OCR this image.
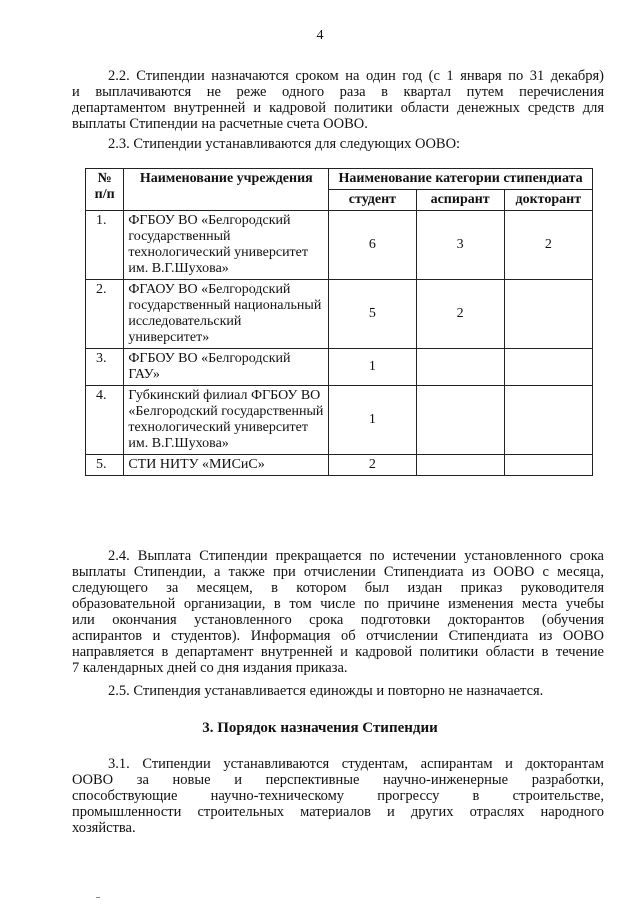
4
2.2. Стипендии назначаются сроком на один год (с 1 января по 31 декабря)
и выплачиваются не реже одного раза в квартал путем перечисления
департаментом внутренней и кадровой политики области денежных средств для
выплаты Стипендии на расчетные счета ООВО.
2.3. Стипендии устанавливаются для следующих ООВО:
№ п/п	Наименование учреждения	Наименование категории стипендиата		
		студент	аспирант	докторант
1.	ФГБОУ ВО «Белгородский государственный технологический университет им. В.Г.Шухова»	6	3	2
2.	ФГАОУ ВО «Белгородский государственный национальный исследовательский университет»	5	2	
3.	ФГБОУ ВО «Белгородский ГАУ»	1		
4.	Губкинский филиал ФГБОУ ВО «Белгородский государственный технологический университет им. В.Г.Шухова»	1		
5.	СТИ НИТУ «МИСиС»	2		
2.4. Выплата Стипендии прекращается по истечении установленного срока
выплаты Стипендии, а также при отчислении Стипендиата из ООВО с месяца,
следующего за месяцем, в котором был издан приказ руководителя
образовательной организации, в том числе по причине изменения места учебы
или окончания установленного срока подготовки докторантов (обучения
аспирантов и студентов). Информация об отчислении Стипендиата из ООВО
направляется в департамент внутренней и кадровой политики области в течение
7 календарных дней со дня издания приказа.
2.5. Стипендия устанавливается единожды и повторно не назначается.
3. Порядок назначения Стипендии
3.1. Стипендии устанавливаются студентам, аспирантам и докторантам
ООВО за новые и перспективные научно-инженерные разработки,
способствующие научно-техническому прогрессу в строительстве,
промышленности строительных материалов и других отраслях народного
хозяйства.
